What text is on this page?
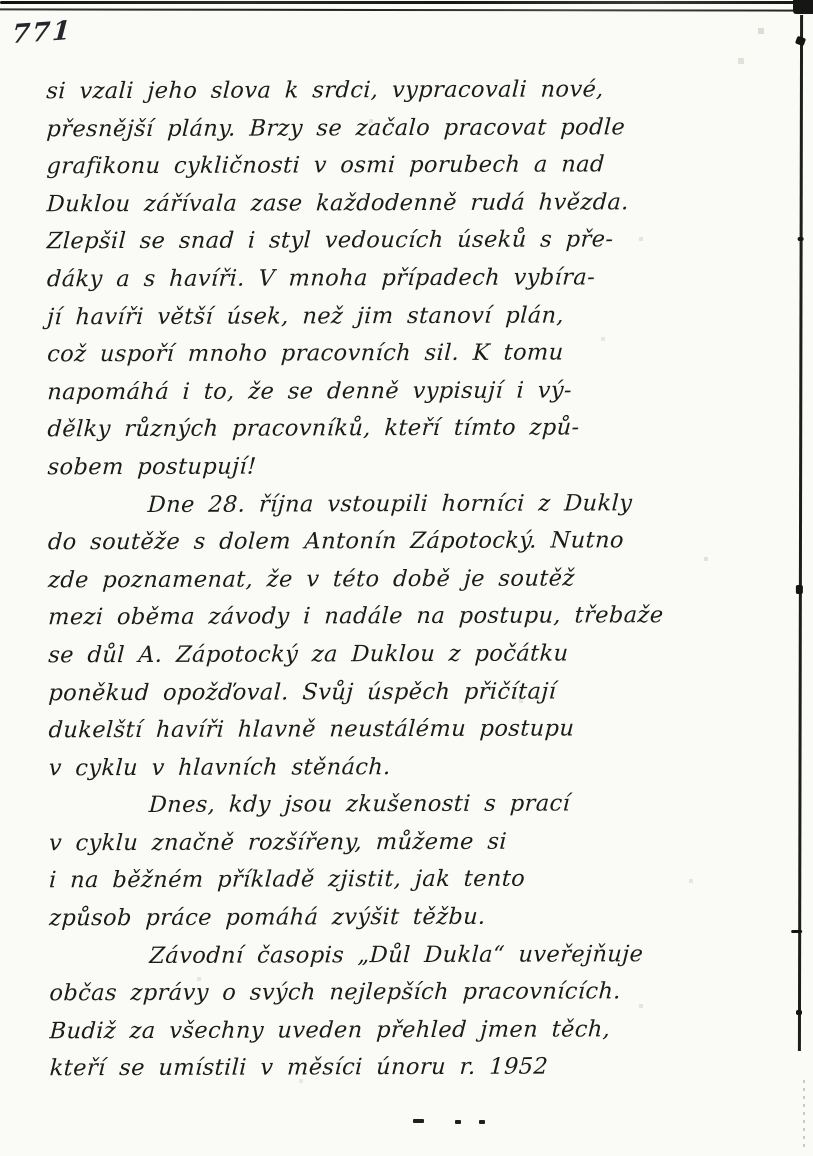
771
si vzali jeho slova k srdci, vypracovali nové,
přesnější plány. Brzy se začalo pracovat podle
grafikonu cykličnosti v osmi porubech a nad
Duklou zářívala zase každodenně rudá hvězda.
Zlepšil se snad i styl vedoucích úseků s pře-
dáky a s havíři. V mnoha případech vybíra-
jí havíři větší úsek, než jim stanoví plán,
což uspoří mnoho pracovních sil. K tomu
napomáhá i to, že se denně vypisují i vý-
dělky různých pracovníků, kteří tímto způ-
sobem postupují!
Dne 28. října vstoupili horníci z Dukly
do soutěže s dolem Antonín Zápotocký. Nutno
zde poznamenat, že v této době je soutěž
mezi oběma závody i nadále na postupu, třebaže
se důl A. Zápotocký za Duklou z počátku
poněkud opožďoval. Svůj úspěch přičítají
dukelští havíři hlavně neustálému postupu
v cyklu v hlavních stěnách.
Dnes, kdy jsou zkušenosti s prací
v cyklu značně rozšířeny, můžeme si
i na běžném příkladě zjistit, jak tento
způsob práce pomáhá zvýšit těžbu.
Závodní časopis „Důl Dukla“ uveřejňuje
občas zprávy o svých nejlepších pracovnících.
Budiž za všechny uveden přehled jmen těch,
kteří se umístili v měsíci únoru r. 1952
